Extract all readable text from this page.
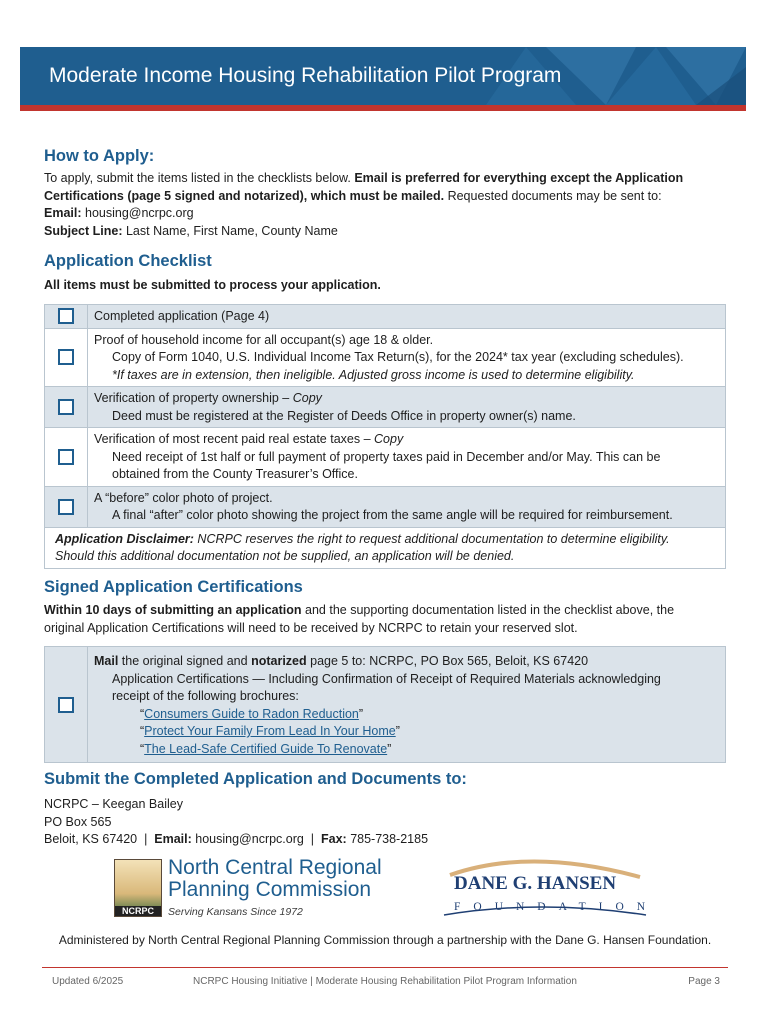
Moderate Income Housing Rehabilitation Pilot Program
How to Apply:
To apply, submit the items listed in the checklists below. Email is preferred for everything except the Application
Certifications (page 5 signed and notarized), which must be mailed. Requested documents may be sent to:
Email: housing@ncrpc.org
Subject Line: Last Name, First Name, County Name
Application Checklist
All items must be submitted to process your application.
Completed application (Page 4)
Proof of household income for all occupant(s) age 18 & older.
Copy of Form 1040, U.S. Individual Income Tax Return(s), for the 2024* tax year (excluding schedules).
*If taxes are in extension, then ineligible. Adjusted gross income is used to determine eligibility.
Verification of property ownership – Copy
Deed must be registered at the Register of Deeds Office in property owner(s) name.
Verification of most recent paid real estate taxes – Copy
Need receipt of 1st half or full payment of property taxes paid in December and/or May. This can be
obtained from the County Treasurer’s Office.
A “before” color photo of project.
A final “after” color photo showing the project from the same angle will be required for reimbursement.
Application Disclaimer: NCRPC reserves the right to request additional documentation to determine eligibility.
Should this additional documentation not be supplied, an application will be denied.
Signed Application Certifications
Within 10 days of submitting an application and the supporting documentation listed in the checklist above, the
original Application Certifications will need to be received by NCRPC to retain your reserved slot.
Mail the original signed and notarized page 5 to: NCRPC, PO Box 565, Beloit, KS 67420
Application Certifications — Including Confirmation of Receipt of Required Materials acknowledging
receipt of the following brochures:
“Consumers Guide to Radon Reduction”
“Protect Your Family From Lead In Your Home”
“The Lead-Safe Certified Guide To Renovate”
Submit the Completed Application and Documents to:
NCRPC – Keegan Bailey
PO Box 565
Beloit, KS 67420  |  Email: housing@ncrpc.org  |  Fax: 785-738-2185
NCRPC
North Central Regional
Planning Commission
Serving Kansans Since 1972
DANE G. HANSEN
FOUNDATION
Administered by North Central Regional Planning Commission through a partnership with the Dane G. Hansen Foundation.
Updated 6/2025	NCRPC Housing Initiative | Moderate Housing Rehabilitation Pilot Program Information	Page 3
